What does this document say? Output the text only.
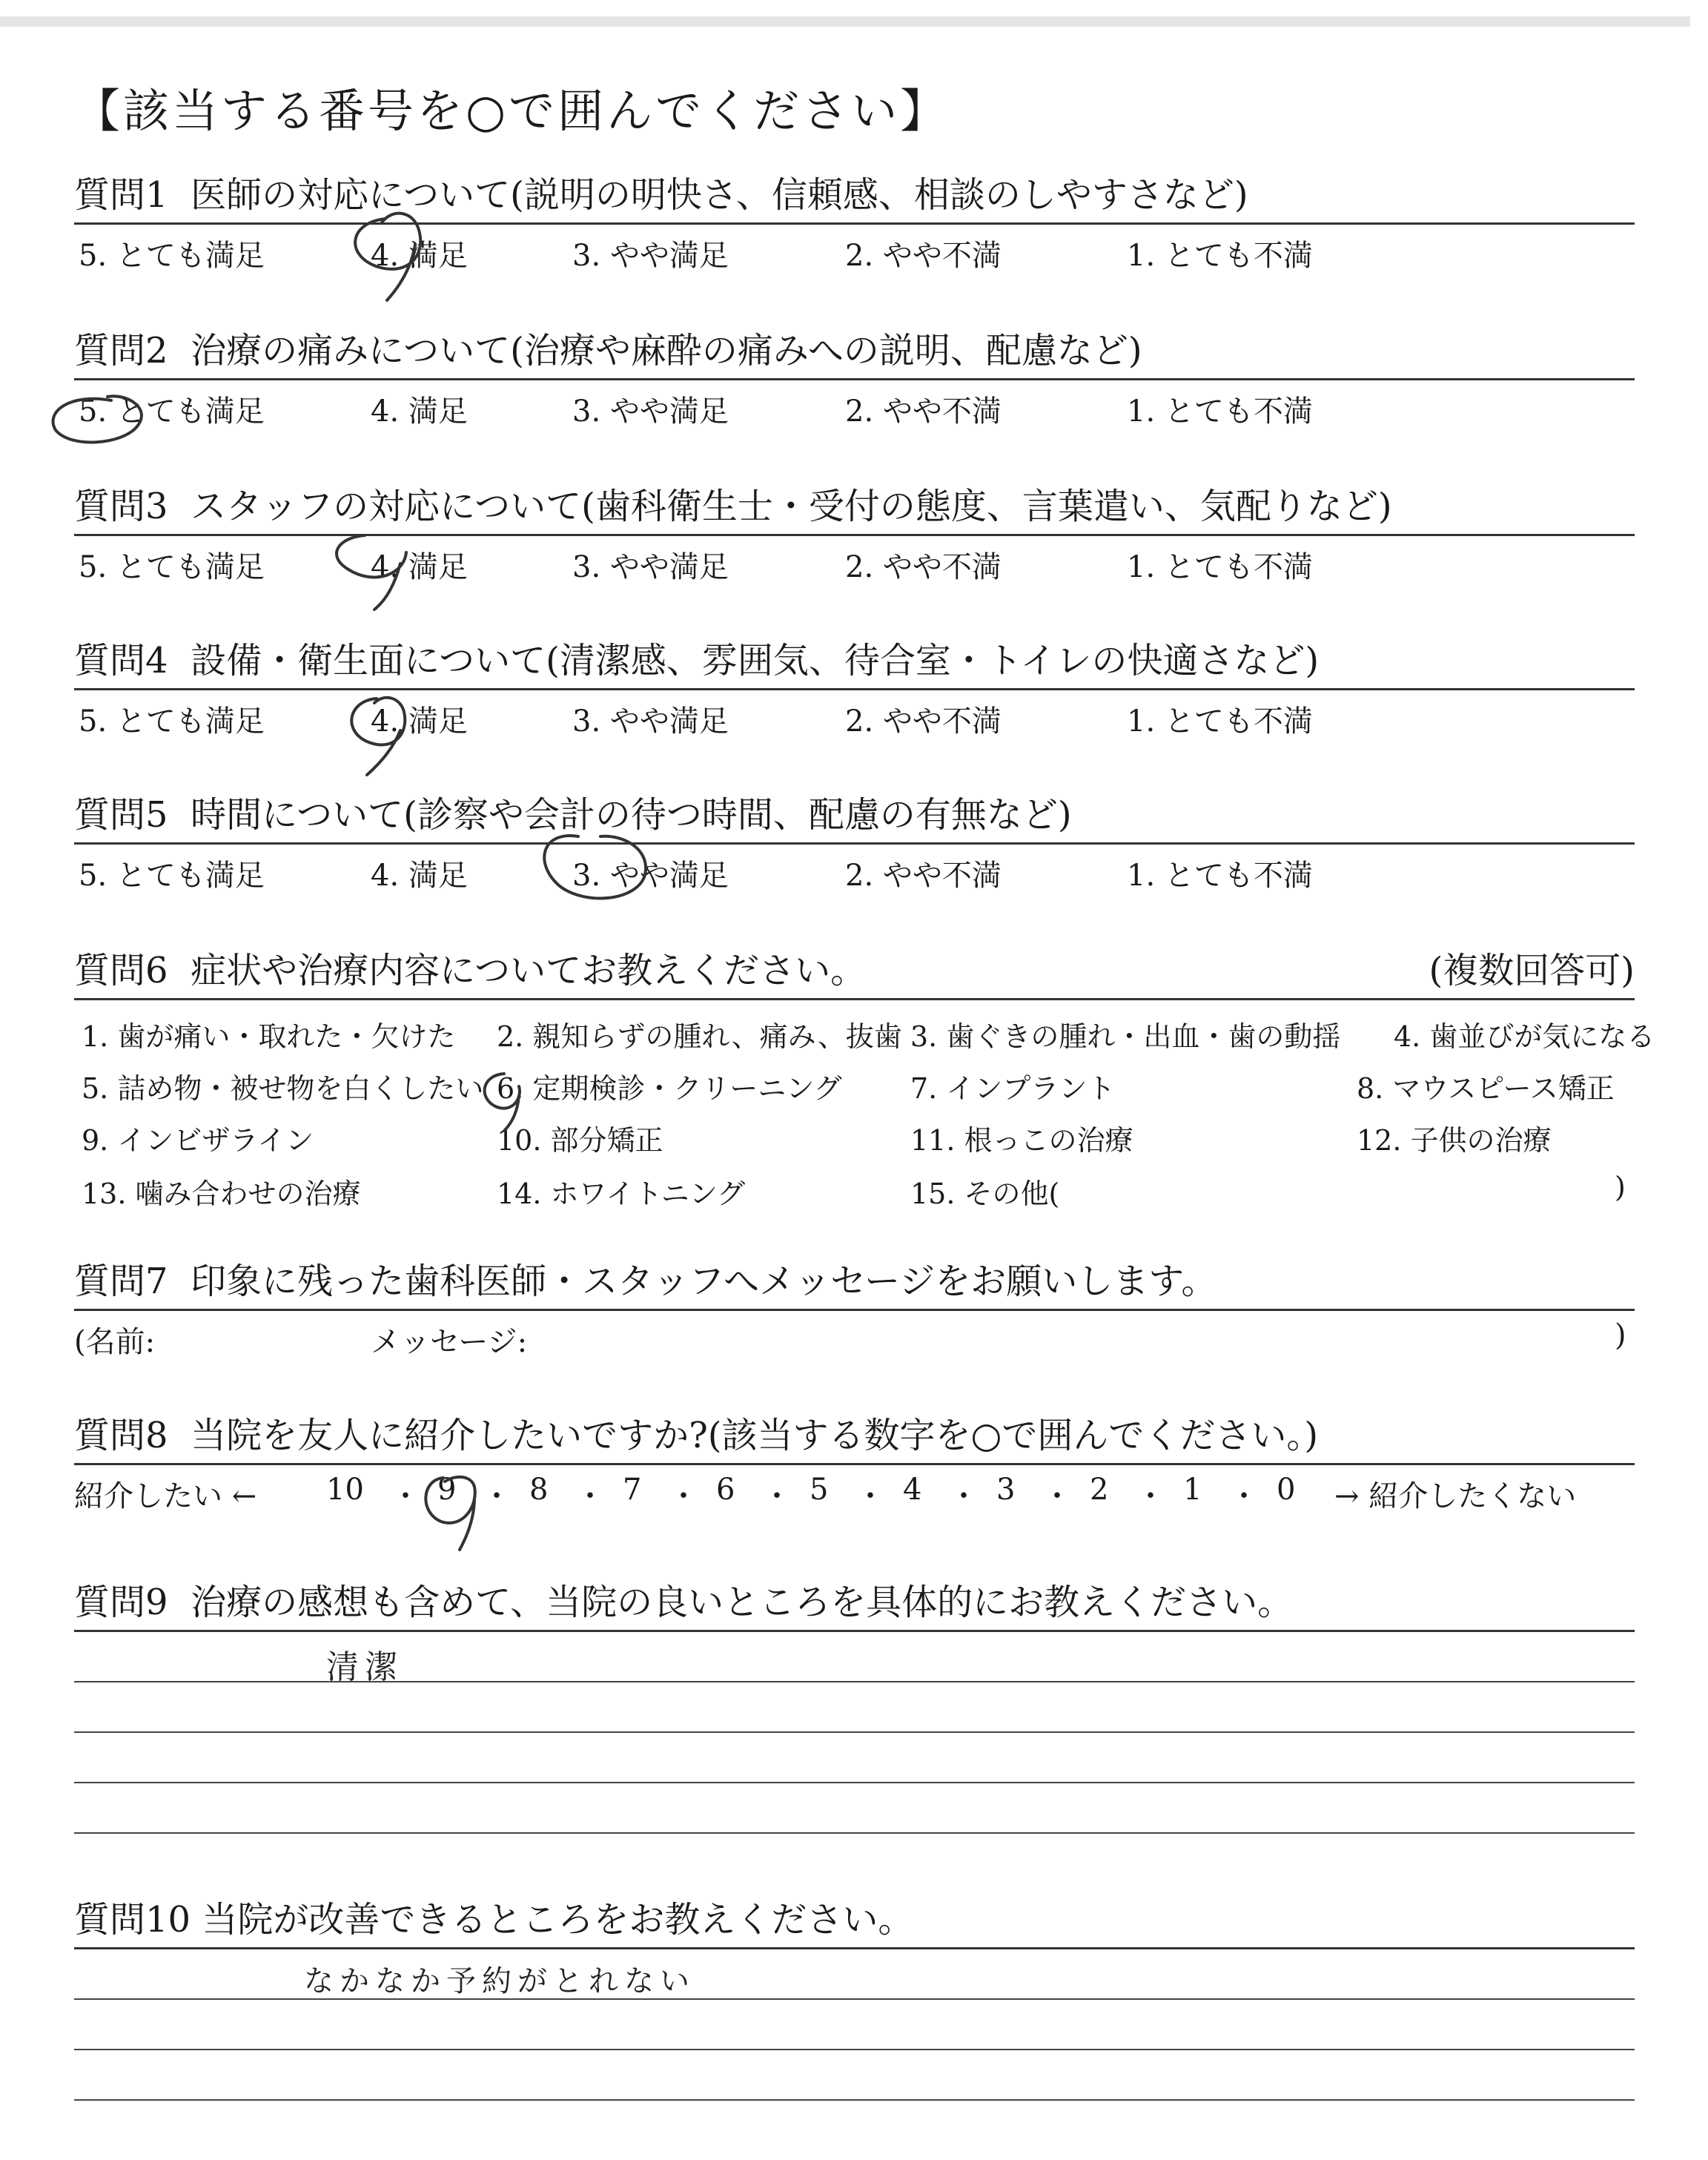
【該当する番号を○で囲んでください】
質問1 医師の対応について(説明の明快さ、信頼感、相談のしやすさなど)
5. とても満足	4. 満足	3. やや満足	2. やや不満	1. とても不満
質問2 治療の痛みについて(治療や麻酔の痛みへの説明、配慮など)
5. とても満足	4. 満足	3. やや満足	2. やや不満	1. とても不満
質問3 スタッフの対応について(歯科衛生士・受付の態度、言葉遣い、気配りなど)
5. とても満足	4. 満足	3. やや満足	2. やや不満	1. とても不満
質問4 設備・衛生面について(清潔感、雰囲気、待合室・トイレの快適さなど)
5. とても満足	4. 満足	3. やや満足	2. やや不満	1. とても不満
質問5 時間について(診察や会計の待つ時間、配慮の有無など)
5. とても満足	4. 満足	3. やや満足	2. やや不満	1. とても不満
質問6 症状や治療内容についてお教えください。	(複数回答可)
1. 歯が痛い・取れた・欠けた 2. 親知らずの腫れ、痛み、抜歯 3. 歯ぐきの腫れ・出血・歯の動揺 4. 歯並びが気になる
5. 詰め物・被せ物を白くしたい 6. 定期検診・クリーニング 7. インプラント	8. マウスピース矯正
9. インビザライン	10. 部分矯正	11. 根っこの治療	12. 子供の治療
13. 噛み合わせの治療	14. ホワイトニング	15. その他(	)
質問7 印象に残った歯科医師・スタッフへメッセージをお願いします。
(名前:	メッセージ:	)
質問8 当院を友人に紹介したいですか?(該当する数字を○で囲んでください。)
紹介したい ← 10 ・ 9 ・ 8 ・ 7 ・ 6 ・ 5 ・ 4 ・ 3 ・ 2 ・ 1 ・ 0 → 紹介したくない
質問9 治療の感想も含めて、当院の良いところを具体的にお教えください。
清潔
質問10 当院が改善できるところをお教えください。
なかなか予約がとれない
